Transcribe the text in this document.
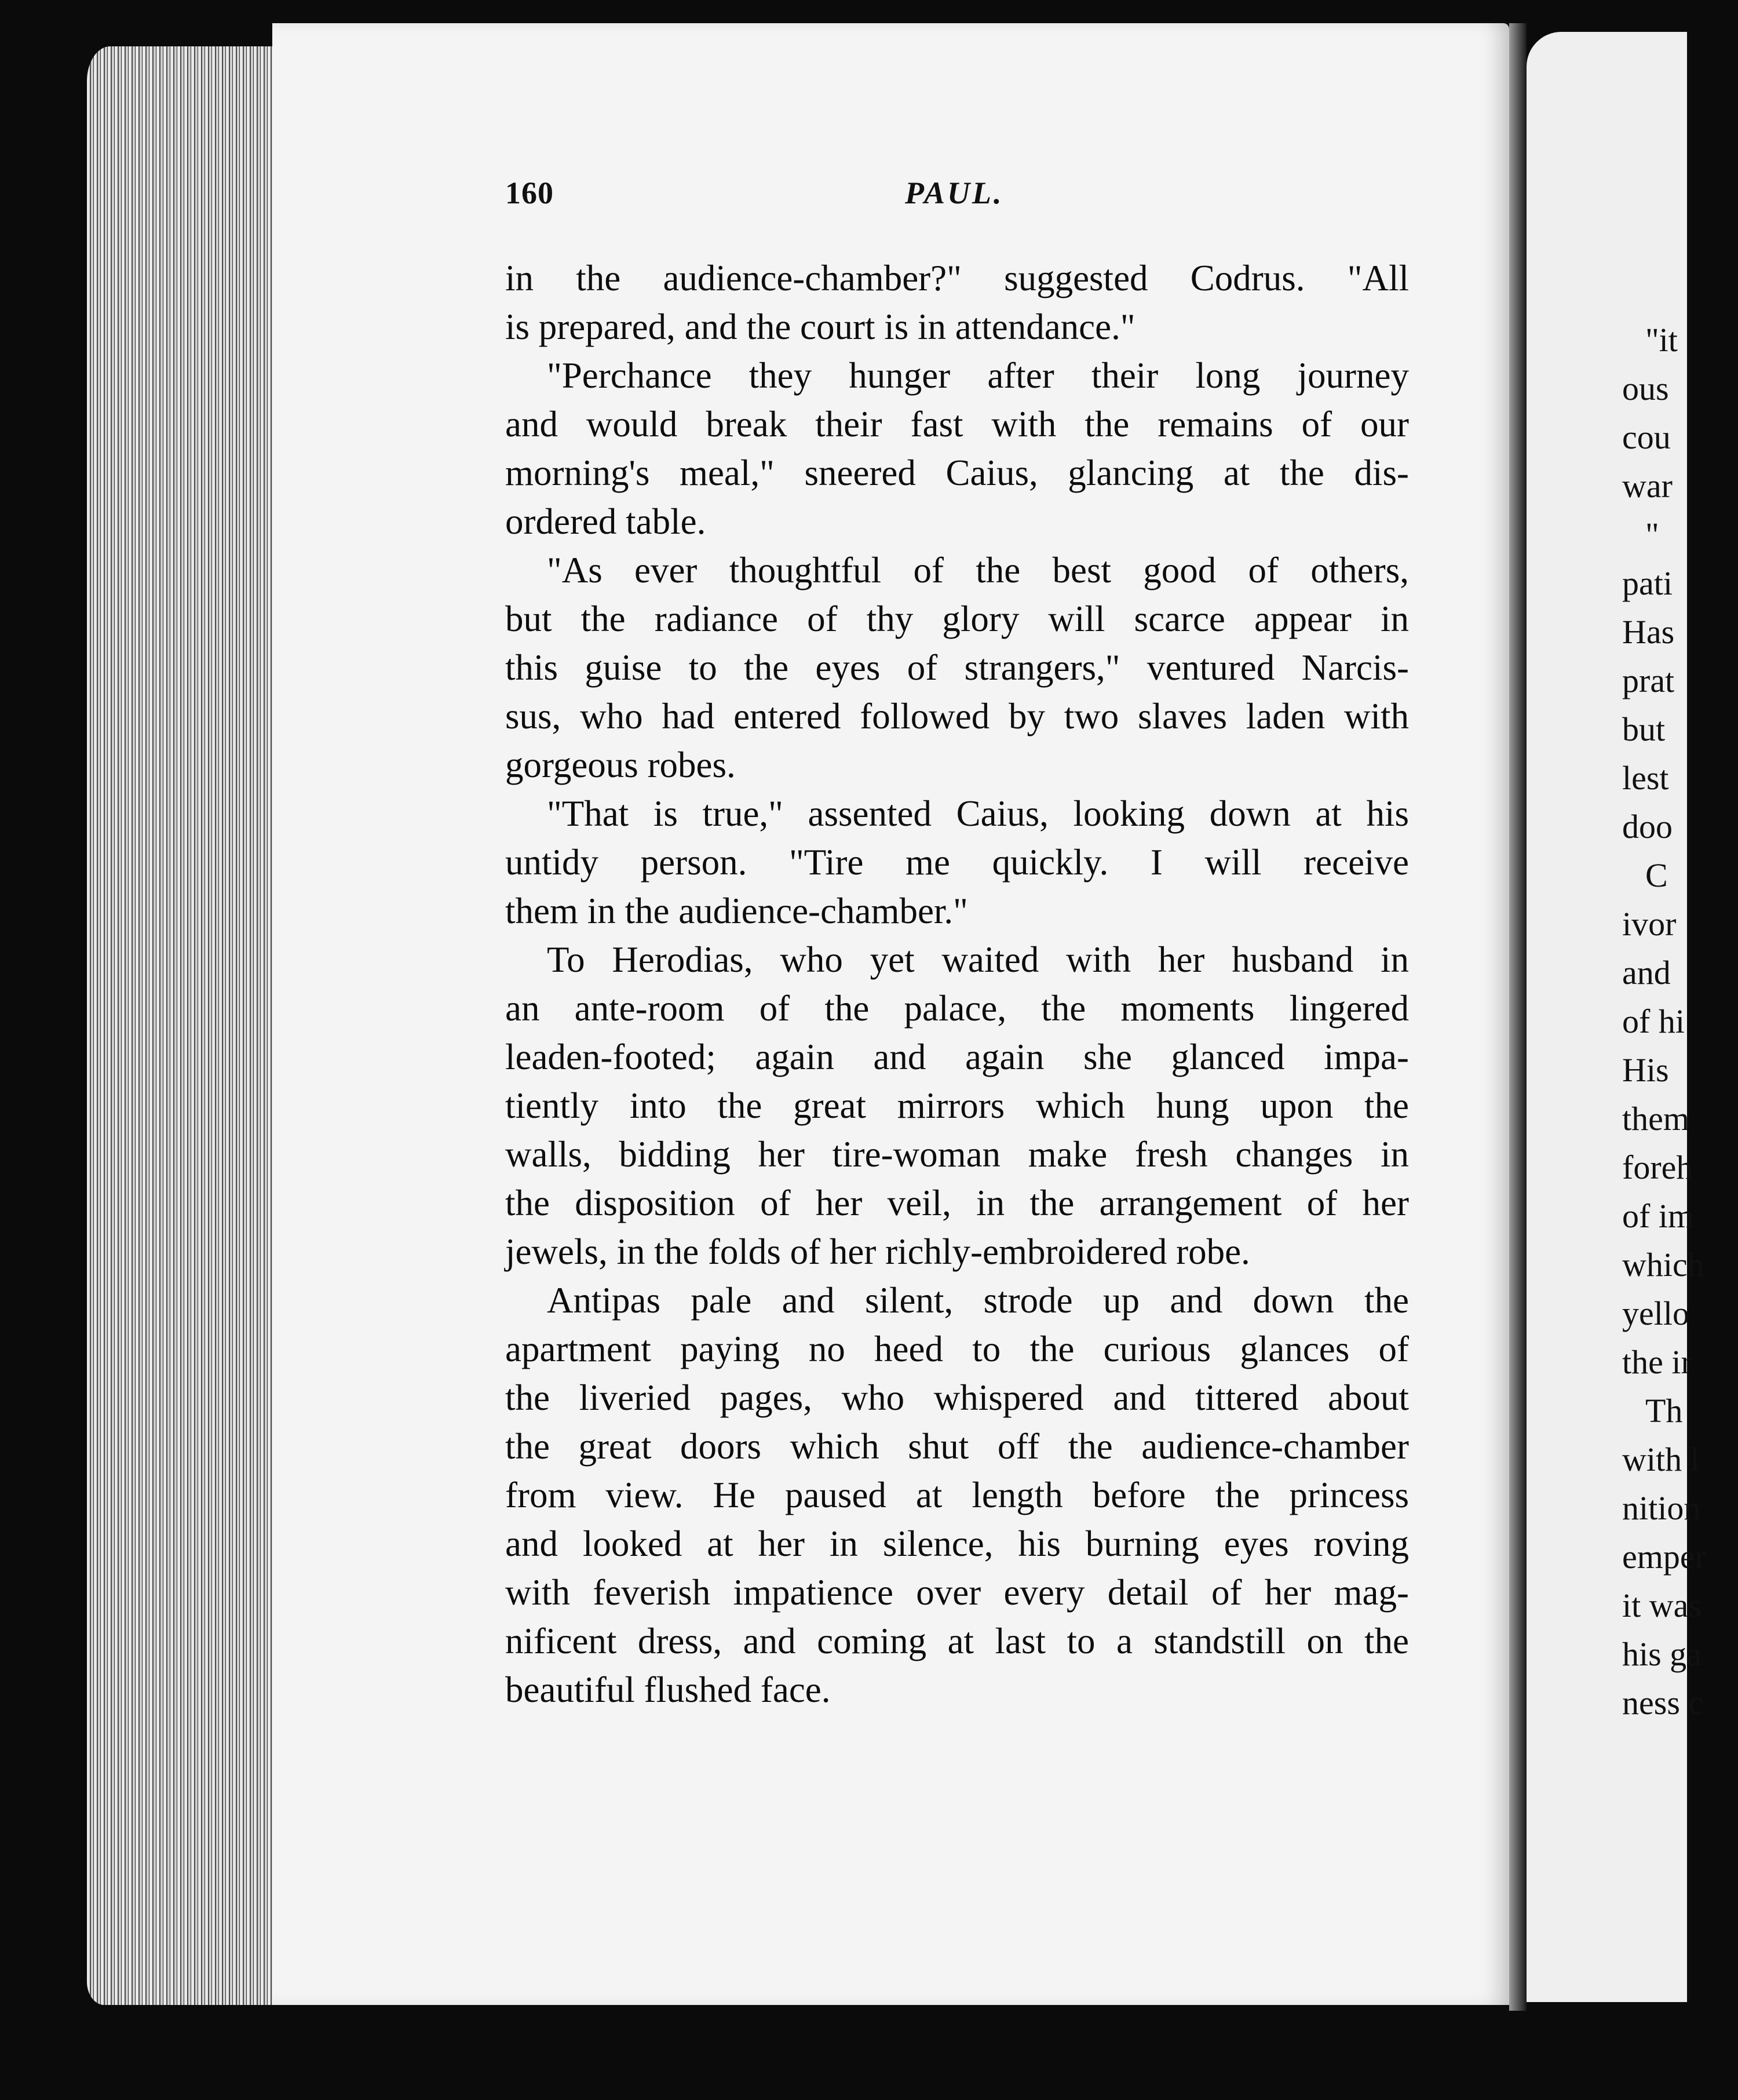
160	PAUL.
in the audience-chamber?" suggested Codrus. "All
is prepared, and the court is in attendance."
"Perchance they hunger after their long journey
and would break their fast with the remains of our
morning's meal," sneered Caius, glancing at the dis-
ordered table.
"As ever thoughtful of the best good of others,
but the radiance of thy glory will scarce appear in
this guise to the eyes of strangers," ventured Narcis-
sus, who had entered followed by two slaves laden with
gorgeous robes.
"That is true," assented Caius, looking down at his
untidy person. "Tire me quickly. I will receive
them in the audience-chamber."
To Herodias, who yet waited with her husband in
an ante-room of the palace, the moments lingered
leaden-footed; again and again she glanced impa-
tiently into the great mirrors which hung upon the
walls, bidding her tire-woman make fresh changes in
the disposition of her veil, in the arrangement of her
jewels, in the folds of her richly-embroidered robe.
Antipas pale and silent, strode up and down the
apartment paying no heed to the curious glances of
the liveried pages, who whispered and tittered about
the great doors which shut off the audience-chamber
from view. He paused at length before the princess
and looked at her in silence, his burning eyes roving
with feverish impatience over every detail of her mag-
nificent dress, and coming at last to a standstill on the
beautiful flushed face.
"it
ous
cou
war
"
pati
Has
prat
but
lest
doo
C
ivor
and
of hi
His
them
foreh
of im
which
yello
the ir
Th
with l
nition
emper
it was
his ga
ness c
